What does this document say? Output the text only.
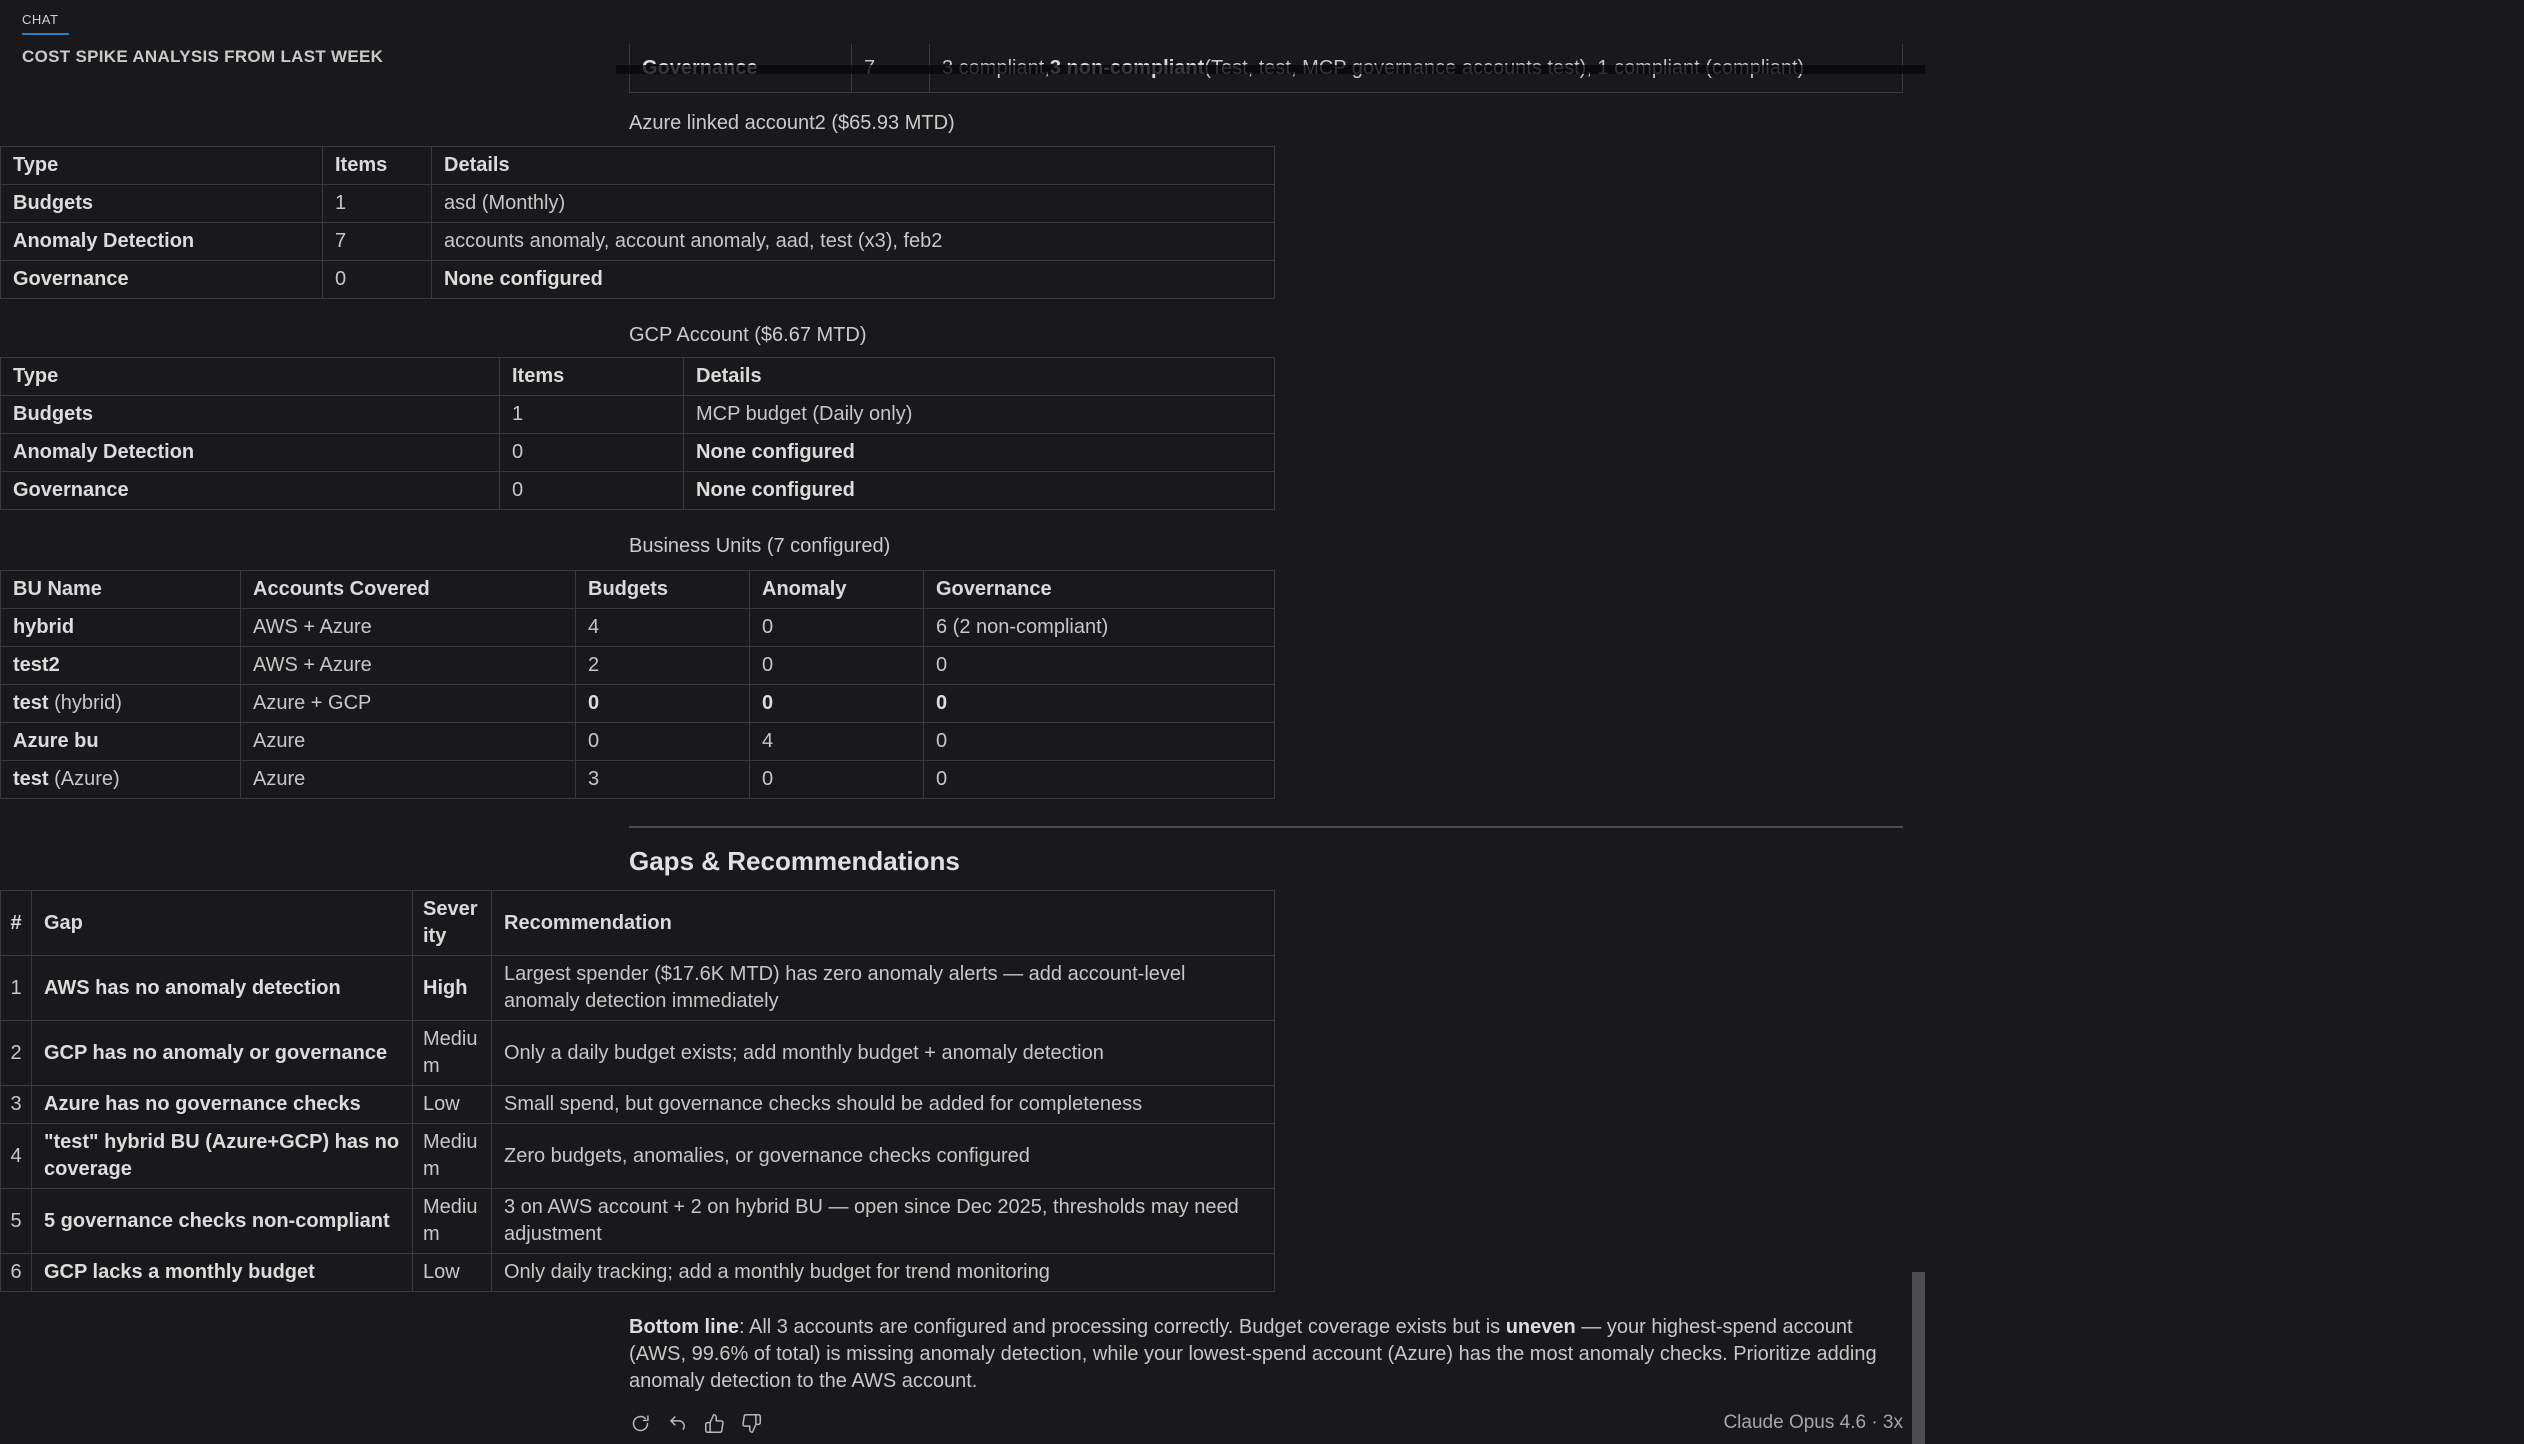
CHAT
COST SPIKE ANALYSIS FROM LAST WEEK
Azure linked account2 ($65.93 MTD)
Type	Items	Details
Budgets	1	asd (Monthly)
Anomaly Detection	7	accounts anomaly, account anomaly, aad, test (x3), feb2
Governance	0	None configured
GCP Account ($6.67 MTD)
Type	Items	Details
Budgets	1	MCP budget (Daily only)
Anomaly Detection	0	None configured
Governance	0	None configured
Business Units (7 configured)
BU Name	Accounts Covered	Budgets	Anomaly	Governance
hybrid	AWS + Azure	4	0	6 (2 non-compliant)
test2	AWS + Azure	2	0	0
test (hybrid)	Azure + GCP	0	0	0
Azure bu	Azure	0	4	0
test (Azure)	Azure	3	0	0
Gaps & Recommendations
#	Gap	Severity	Recommendation
1	AWS has no anomaly detection	High	Largest spender ($17.6K MTD) has zero anomaly alerts — add account-level anomaly detection immediately
2	GCP has no anomaly or governance	Medium	Only a daily budget exists; add monthly budget + anomaly detection
3	Azure has no governance checks	Low	Small spend, but governance checks should be added for completeness
4	"test" hybrid BU (Azure+GCP) has no coverage	Medium	Zero budgets, anomalies, or governance checks configured
5	5 governance checks non-compliant	Medium	3 on AWS account + 2 on hybrid BU — open since Dec 2025, thresholds may need adjustment
6	GCP lacks a monthly budget	Low	Only daily tracking; add a monthly budget for trend monitoring
Bottom line: All 3 accounts are configured and processing correctly. Budget coverage exists but is uneven — your highest-spend account (AWS, 99.6% of total) is missing anomaly detection, while your lowest-spend account (Azure) has the most anomaly checks. Prioritize adding anomaly detection to the AWS account.
Claude Opus 4.6 · 3x
